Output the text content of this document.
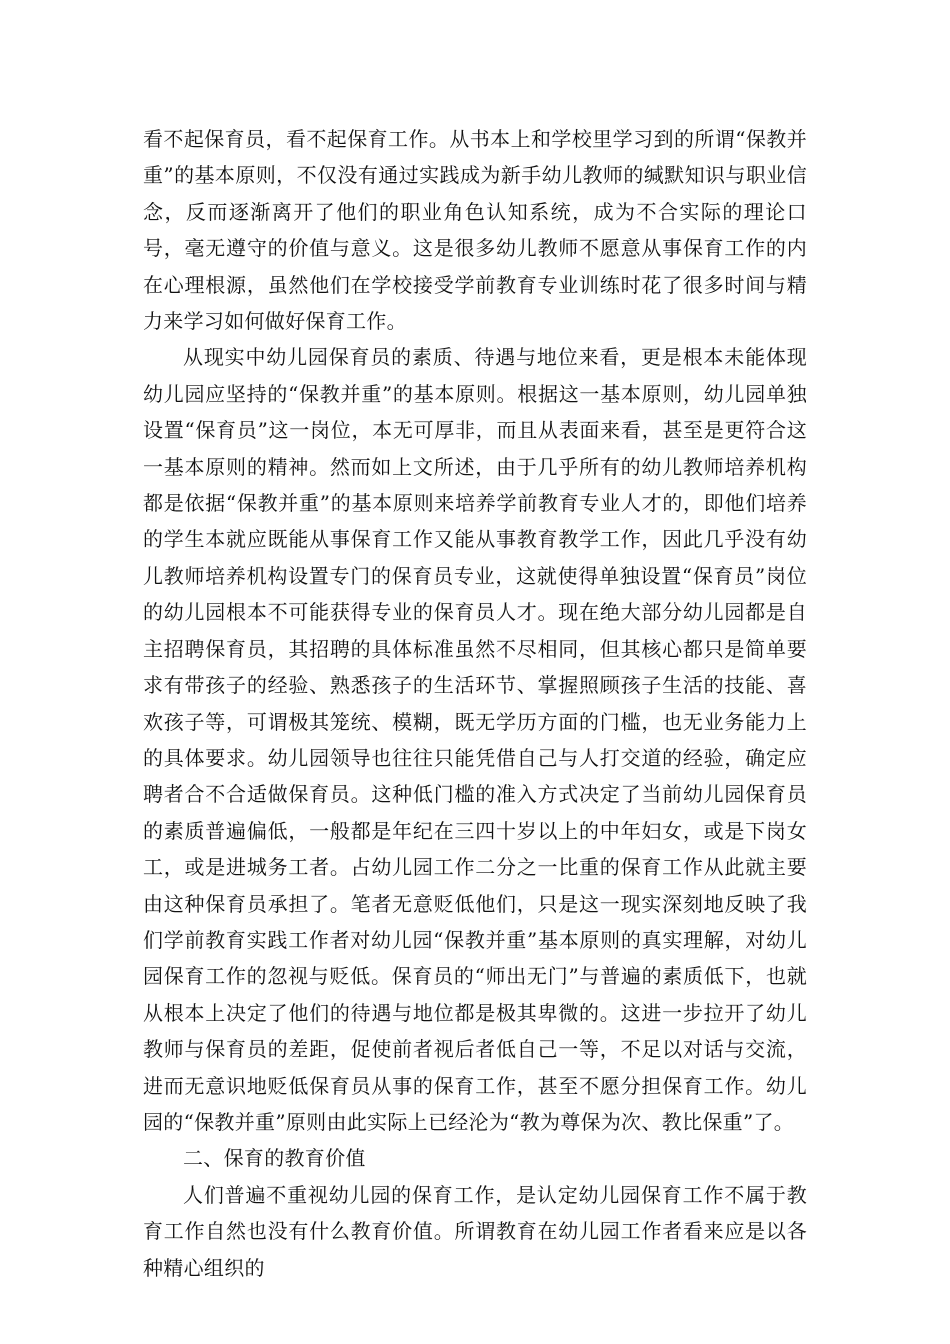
看不起保育员，看不起保育工作。从书本上和学校里学习到的所谓“保教并重”的基本原则，不仅没有通过实践成为新手幼儿教师的缄默知识与职业信念，反而逐渐离开了他们的职业角色认知系统，成为不合实际的理论口号，毫无遵守的价值与意义。这是很多幼儿教师不愿意从事保育工作的内在心理根源，虽然他们在学校接受学前教育专业训练时花了很多时间与精力来学习如何做好保育工作。

从现实中幼儿园保育员的素质、待遇与地位来看，更是根本未能体现幼儿园应坚持的“保教并重”的基本原则。根据这一基本原则，幼儿园单独设置“保育员”这一岗位，本无可厚非，而且从表面来看，甚至是更符合这一基本原则的精神。然而如上文所述，由于几乎所有的幼儿教师培养机构都是依据“保教并重”的基本原则来培养学前教育专业人才的，即他们培养的学生本就应既能从事保育工作又能从事教育教学工作，因此几乎没有幼儿教师培养机构设置专门的保育员专业，这就使得单独设置“保育员”岗位的幼儿园根本不可能获得专业的保育员人才。现在绝大部分幼儿园都是自主招聘保育员，其招聘的具体标准虽然不尽相同，但其核心都只是简单要求有带孩子的经验、熟悉孩子的生活环节、掌握照顾孩子生活的技能、喜欢孩子等，可谓极其笼统、模糊，既无学历方面的门槛，也无业务能力上的具体要求。幼儿园领导也往往只能凭借自己与人打交道的经验，确定应聘者合不合适做保育员。这种低门槛的准入方式决定了当前幼儿园保育员的素质普遍偏低，一般都是年纪在三四十岁以上的中年妇女，或是下岗女工，或是进城务工者。占幼儿园工作二分之一比重的保育工作从此就主要由这种保育员承担了。笔者无意贬低他们，只是这一现实深刻地反映了我们学前教育实践工作者对幼儿园“保教并重”基本原则的真实理解，对幼儿园保育工作的忽视与贬低。保育员的“师出无门”与普遍的素质低下，也就从根本上决定了他们的待遇与地位都是极其卑微的。这进一步拉开了幼儿教师与保育员的差距，促使前者视后者低自己一等，不足以对话与交流，进而无意识地贬低保育员从事的保育工作，甚至不愿分担保育工作。幼儿园的“保教并重”原则由此实际上已经沦为“教为尊保为次、教比保重”了。

二、保育的教育价值

人们普遍不重视幼儿园的保育工作，是认定幼儿园保育工作不属于教育工作自然也没有什么教育价值。所谓教育在幼儿园工作者看来应是以各种精心组织的
